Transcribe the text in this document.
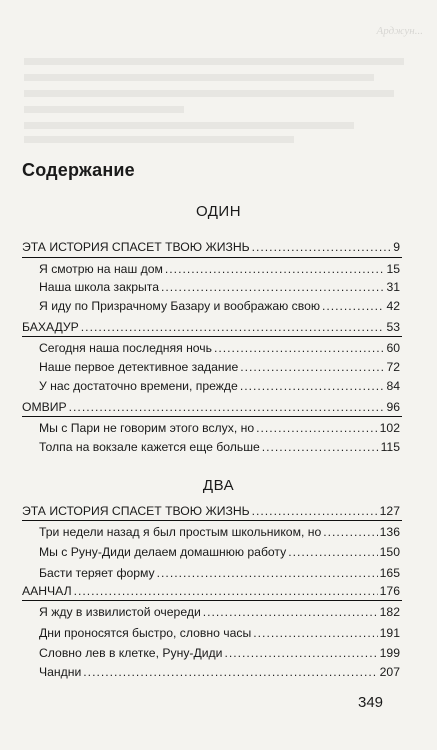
Арджун...
Содержание
ОДИН
ЭТА ИСТОРИЯ СПАСЕТ ТВОЮ ЖИЗНЬ .....	9
Я смотрю на наш дом .....	15
Наша школа закрыта .....	31
Я иду по Призрачному Базару и воображаю свою .....	42
БАХАДУР .....	53
Сегодня наша последняя ночь .....	60
Наше первое детективное задание .....	72
У нас достаточно времени, прежде .....	84
ОМВИР .....	96
Мы с Пари не говорим этого вслух, но .....	102
Толпа на вокзале кажется еще больше .....	115
ДВА
ЭТА ИСТОРИЯ СПАСЕТ ТВОЮ ЖИЗНЬ .....	127
Три недели назад я был простым школьником, но .....	136
Мы с Руну-Диди делаем домашнюю работу .....	150
Басти теряет форму .....	165
ААНЧАЛ .....	176
Я жду в извилистой очереди .....	182
Дни проносятся быстро, словно часы .....	191
Словно лев в клетке, Руну-Диди .....	199
Чандни .....	207
349
